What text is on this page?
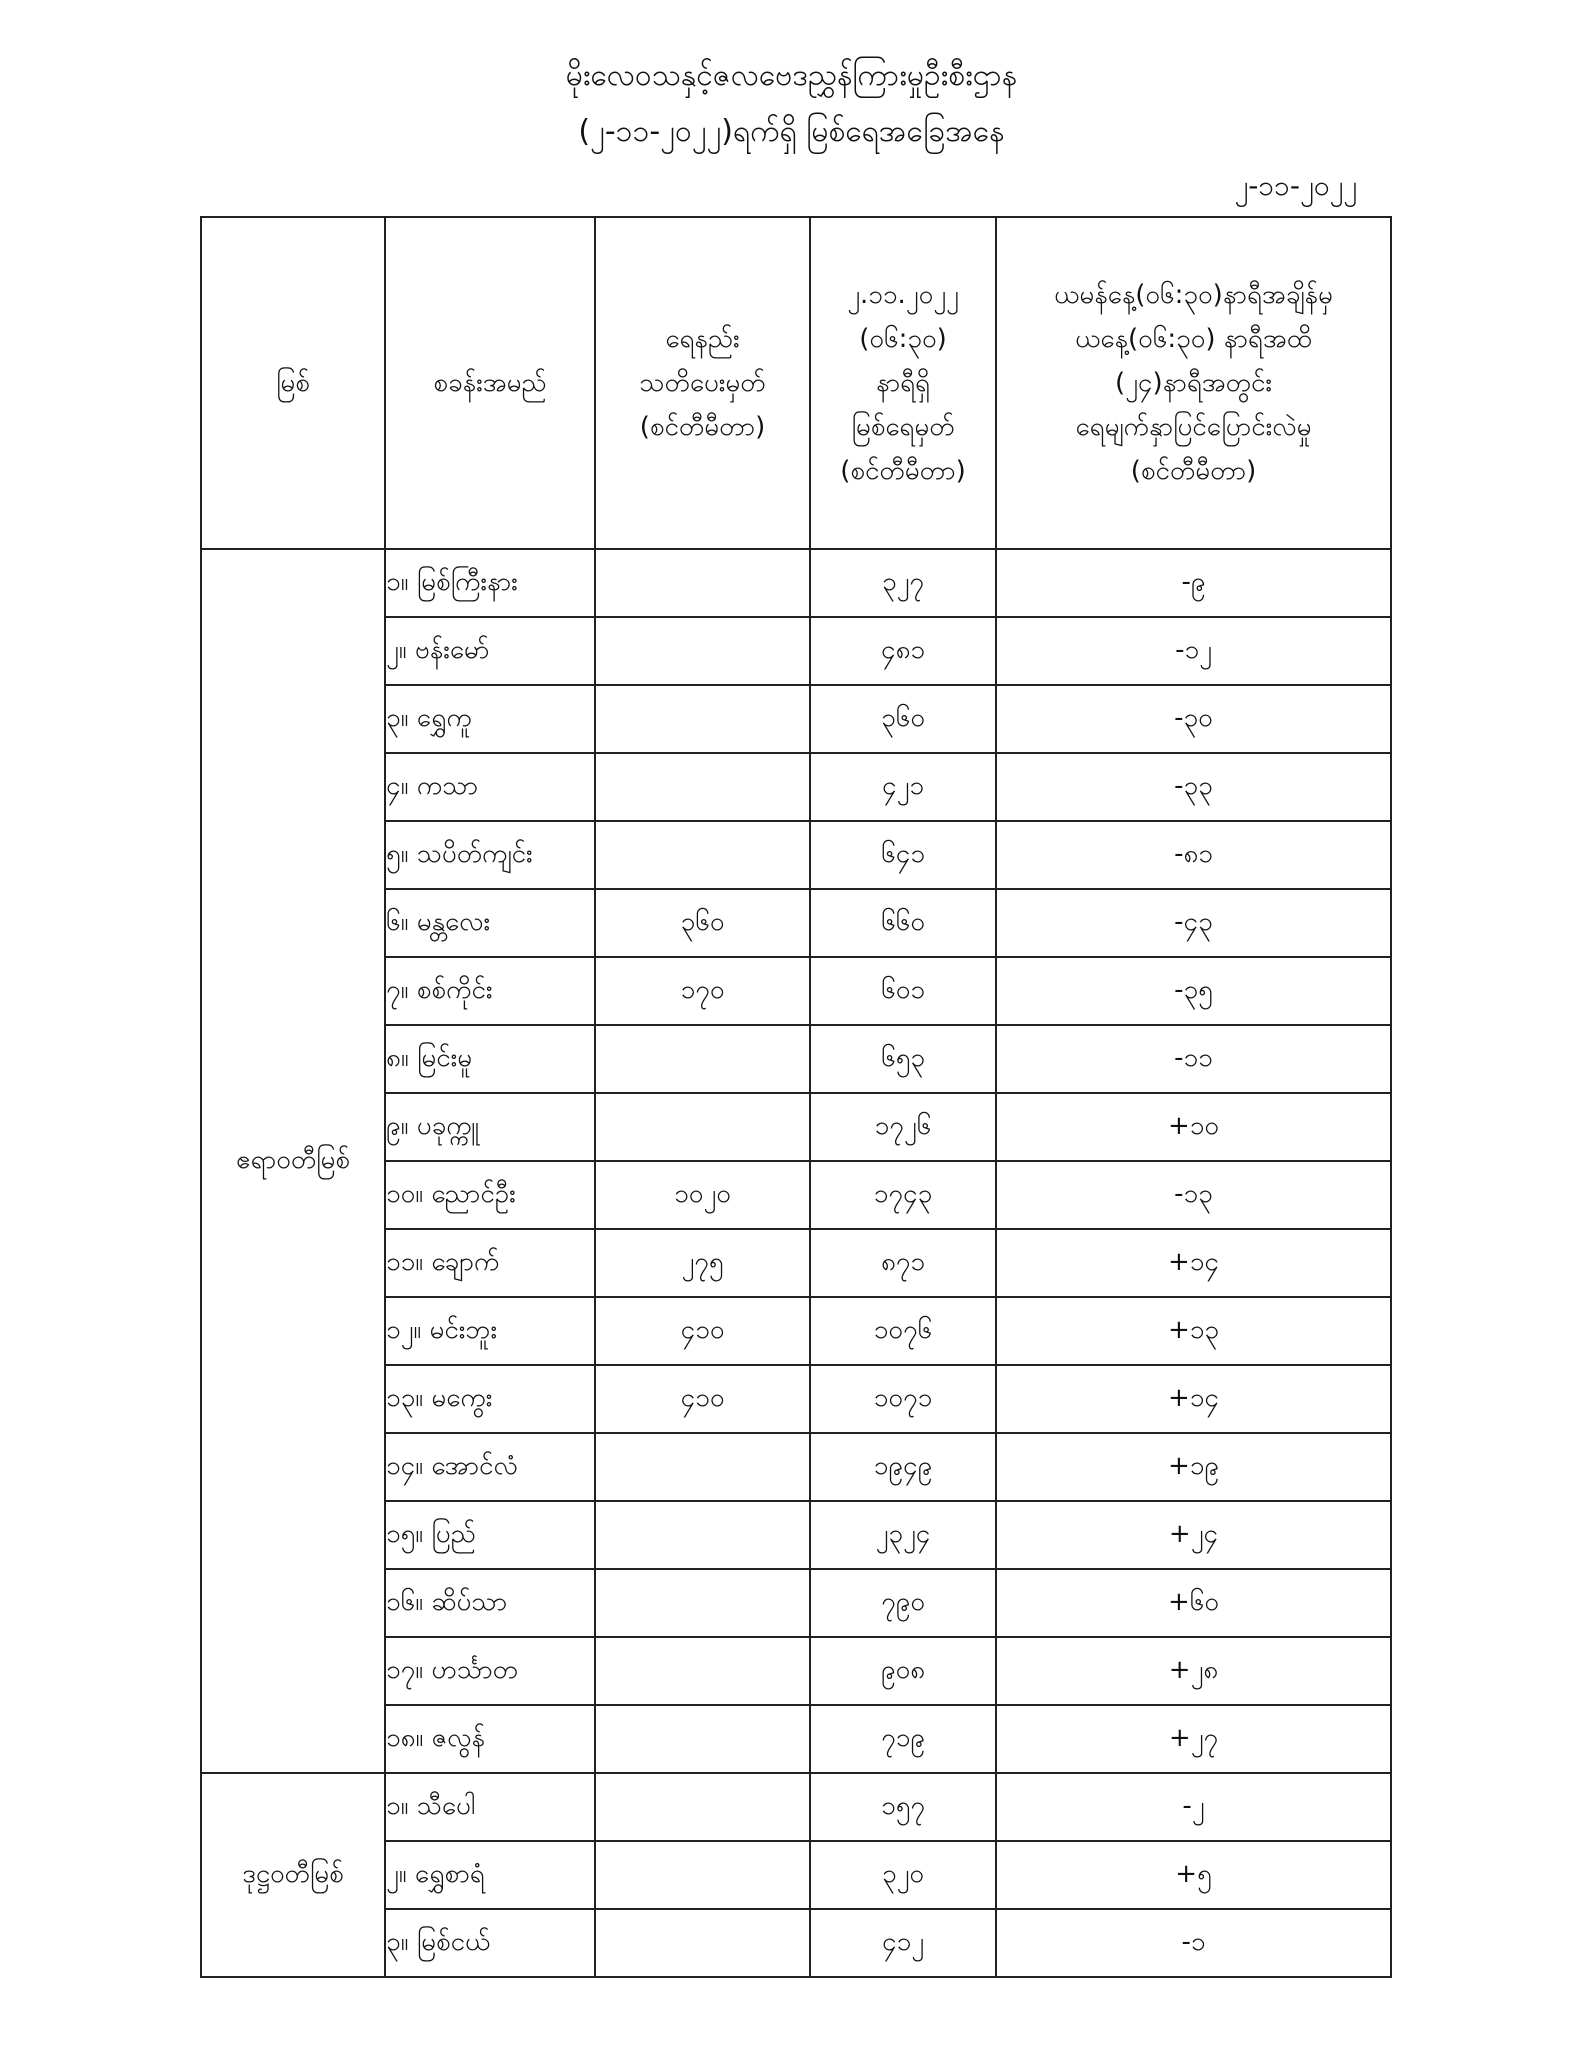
မိုးလေဝသနှင့်ဇလဗေဒညွှန်ကြားမှုဦးစီးဌာန
(၂-၁၁-၂၀၂၂)ရက်ရှိ မြစ်ရေအခြေအနေ
၂-၁၁-၂၀၂၂
မြစ်	စခန်းအမည်	ရေနည်း
သတိပေးမှတ်
(စင်တီမီတာ)	၂.၁၁.၂၀၂၂
(၀၆:၃၀)
နာရီရှိ
မြစ်ရေမှတ်
(စင်တီမီတာ)	ယမန်နေ့(၀၆:၃၀)နာရီအချိန်မှ
ယနေ့(၀၆:၃၀) နာရီအထိ
(၂၄)နာရီအတွင်း
ရေမျက်နှာပြင်ပြောင်းလဲမှု
(စင်တီမီတာ)

ဧရာဝတီမြစ်	၁။ မြစ်ကြီးနား		၃၂၇	-၉
	၂။ ဗန်းမော်		၄၈၁	-၁၂
	၃။ ရွှေကူ		၃၆၀	-၃၀
	၄။ ကသာ		၄၂၁	-၃၃
	၅။ သပိတ်ကျင်း		၆၄၁	-၈၁
	၆။ မန္တလေး	၃၆၀	၆၆၀	-၄၃
	၇။ စစ်ကိုင်း	၁၇၀	၆၀၁	-၃၅
	၈။ မြင်းမူ		၆၅၃	-၁၁
	၉။ ပခုက္ကူ		၁၇၂၆	+၁၀
	၁၀။ ညောင်ဦး	၁၀၂၀	၁၇၄၃	-၁၃
	၁၁။ ချောက်	၂၇၅	၈၇၁	+၁၄
	၁၂။ မင်းဘူး	၄၁၀	၁၀၇၆	+၁၃
	၁၃။ မကွေး	၄၁၀	၁၀၇၁	+၁၄
	၁၄။ အောင်လံ		၁၉၄၉	+၁၉
	၁၅။ ပြည်		၂၃၂၄	+၂၄
	၁၆။ ဆိပ်သာ		၇၉၀	+၆၀
	၁၇။ ဟင်္သာတ		၉၀၈	+၂၈
	၁၈။ ဇလွန်		၇၁၉	+၂၇
ဒုဋ္ဌဝတီမြစ်	၁။ သီပေါ		၁၅၇	-၂
	၂။ ရွှေစာရံ		၃၂၀	+၅
	၃။ မြစ်ငယ်		၄၁၂	-၁
